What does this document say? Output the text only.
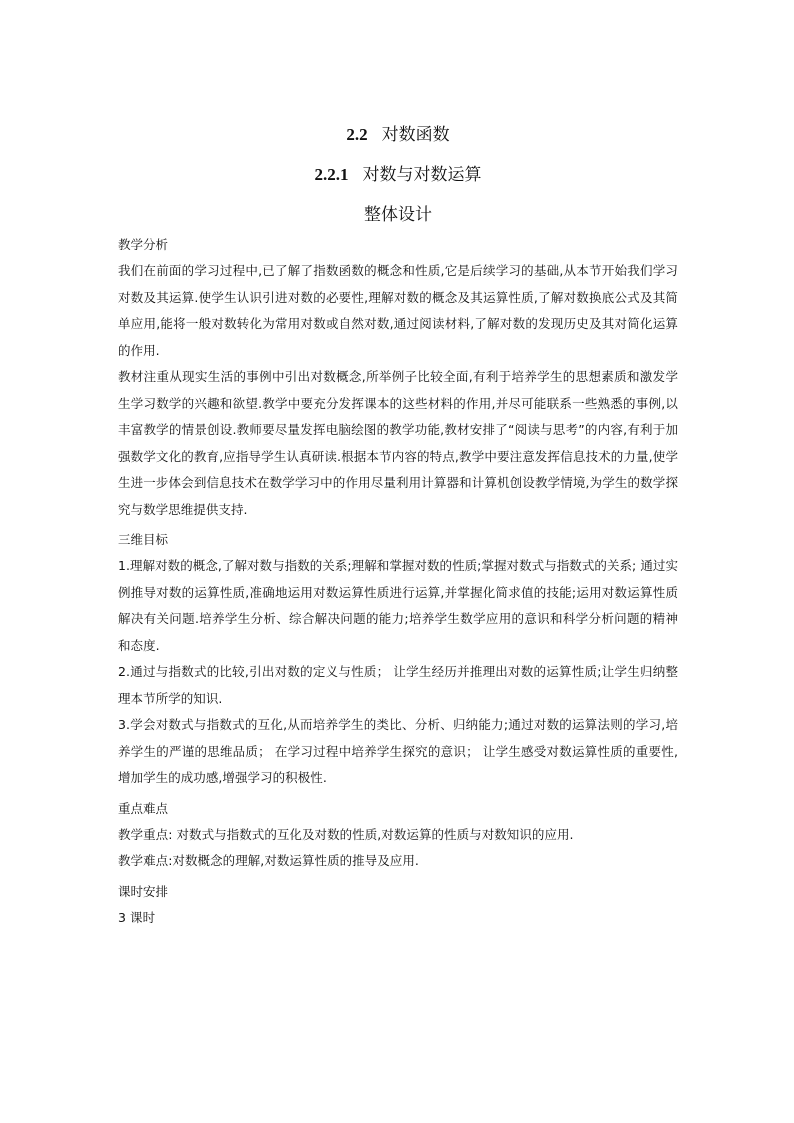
2.2 对数函数

2.2.1 对数与对数运算

整体设计

教学分析

我们在前面的学习过程中,已了解了指数函数的概念和性质,它是后续学习的基础,从本节开始我们学习对数及其运算.使学生认识引进对数的必要性,理解对数的概念及其运算性质,了解对数换底公式及其简单应用,能将一般对数转化为常用对数或自然对数,通过阅读材料,了解对数的发现历史及其对简化运算的作用.

教材注重从现实生活的事例中引出对数概念,所举例子比较全面,有利于培养学生的思想素质和激发学生学习数学的兴趣和欲望.教学中要充分发挥课本的这些材料的作用,并尽可能联系一些熟悉的事例,以丰富教学的情景创设.教师要尽量发挥电脑绘图的教学功能,教材安排了“阅读与思考”的内容,有利于加强数学文化的教育,应指导学生认真研读.根据本节内容的特点,教学中要注意发挥信息技术的力量,使学生进一步体会到信息技术在数学学习中的作用尽量利用计算器和计算机创设教学情境,为学生的数学探究与数学思维提供支持.

三维目标

1.理解对数的概念,了解对数与指数的关系;理解和掌握对数的性质;掌握对数式与指数式的关系; 通过实例推导对数的运算性质,准确地运用对数运算性质进行运算,并掌握化简求值的技能;运用对数运算性质解决有关问题.培养学生分析、综合解决问题的能力;培养学生数学应用的意识和科学分析问题的精神和态度.

2.通过与指数式的比较,引出对数的定义与性质； 让学生经历并推理出对数的运算性质;让学生归纳整理本节所学的知识.

3.学会对数式与指数式的互化,从而培养学生的类比、分析、归纳能力;通过对数的运算法则的学习,培养学生的严谨的思维品质； 在学习过程中培养学生探究的意识； 让学生感受对数运算性质的重要性,增加学生的成功感,增强学习的积极性.

重点难点

教学重点: 对数式与指数式的互化及对数的性质,对数运算的性质与对数知识的应用.

教学难点:对数概念的理解,对数运算性质的推导及应用.

课时安排

3 课时
